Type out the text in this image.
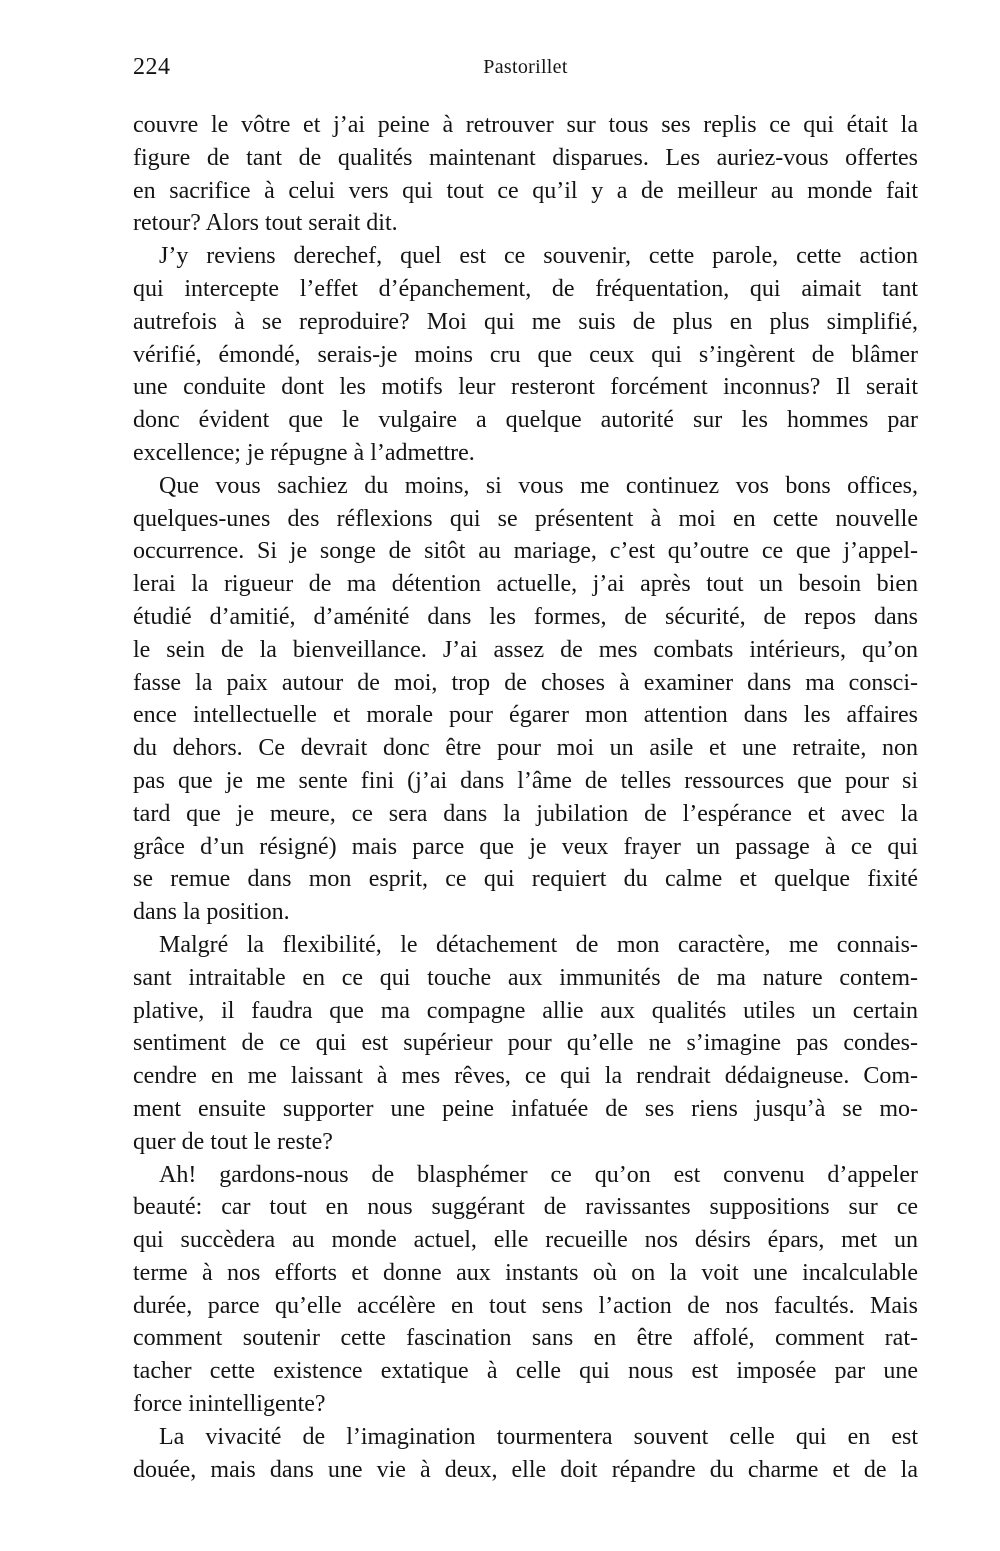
224	Pastorillet
couvre le vôtre et j’ai peine à retrouver sur tous ses replis ce qui était la
figure de tant de qualités maintenant disparues. Les auriez-vous offertes
en sacrifice à celui vers qui tout ce qu’il y a de meilleur au monde fait
retour? Alors tout serait dit.
J’y reviens derechef, quel est ce souvenir, cette parole, cette action
qui intercepte l’effet d’épanchement, de fréquentation, qui aimait tant
autrefois à se reproduire? Moi qui me suis de plus en plus simplifié,
vérifié, émondé, serais-je moins cru que ceux qui s’ingèrent de blâmer
une conduite dont les motifs leur resteront forcément inconnus? Il serait
donc évident que le vulgaire a quelque autorité sur les hommes par
excellence; je répugne à l’admettre.
Que vous sachiez du moins, si vous me continuez vos bons offices,
quelques-unes des réflexions qui se présentent à moi en cette nouvelle
occurrence. Si je songe de sitôt au mariage, c’est qu’outre ce que j’appel-
lerai la rigueur de ma détention actuelle, j’ai après tout un besoin bien
étudié d’amitié, d’aménité dans les formes, de sécurité, de repos dans
le sein de la bienveillance. J’ai assez de mes combats intérieurs, qu’on
fasse la paix autour de moi, trop de choses à examiner dans ma consci-
ence intellectuelle et morale pour égarer mon attention dans les affaires
du dehors. Ce devrait donc être pour moi un asile et une retraite, non
pas que je me sente fini (j’ai dans l’âme de telles ressources que pour si
tard que je meure, ce sera dans la jubilation de l’espérance et avec la
grâce d’un résigné) mais parce que je veux frayer un passage à ce qui
se remue dans mon esprit, ce qui requiert du calme et quelque fixité
dans la position.
Malgré la flexibilité, le détachement de mon caractère, me connais-
sant intraitable en ce qui touche aux immunités de ma nature contem-
plative, il faudra que ma compagne allie aux qualités utiles un certain
sentiment de ce qui est supérieur pour qu’elle ne s’imagine pas condes-
cendre en me laissant à mes rêves, ce qui la rendrait dédaigneuse. Com-
ment ensuite supporter une peine infatuée de ses riens jusqu’à se mo-
quer de tout le reste?
Ah! gardons-nous de blasphémer ce qu’on est convenu d’appeler
beauté: car tout en nous suggérant de ravissantes suppositions sur ce
qui succèdera au monde actuel, elle recueille nos désirs épars, met un
terme à nos efforts et donne aux instants où on la voit une incalculable
durée, parce qu’elle accélère en tout sens l’action de nos facultés. Mais
comment soutenir cette fascination sans en être affolé, comment rat-
tacher cette existence extatique à celle qui nous est imposée par une
force inintelligente?
La vivacité de l’imagination tourmentera souvent celle qui en est
douée, mais dans une vie à deux, elle doit répandre du charme et de la
